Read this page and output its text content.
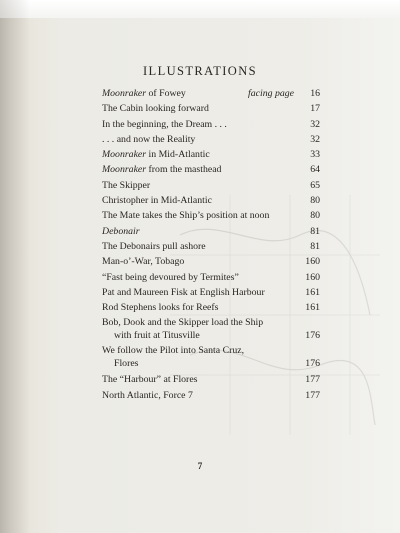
ILLUSTRATIONS
Moonraker of Fowey	facing page	16
The Cabin looking forward	17
In the beginning, the Dream . . .	32
. . . and now the Reality	32
Moonraker in Mid-Atlantic	33
Moonraker from the masthead	64
The Skipper	65
Christopher in Mid-Atlantic	80
The Mate takes the Ship’s position at noon	80
Debonair	81
The Debonairs pull ashore	81
Man-o’-War, Tobago	160
“Fast being devoured by Termites”	160
Pat and Maureen Fisk at English Harbour	161
Rod Stephens looks for Reefs	161
Bob, Dook and the Skipper load the Ship
with fruit at Titusville	176
We follow the Pilot into Santa Cruz,
Flores	176
The “Harbour” at Flores	177
North Atlantic, Force 7	177
7
